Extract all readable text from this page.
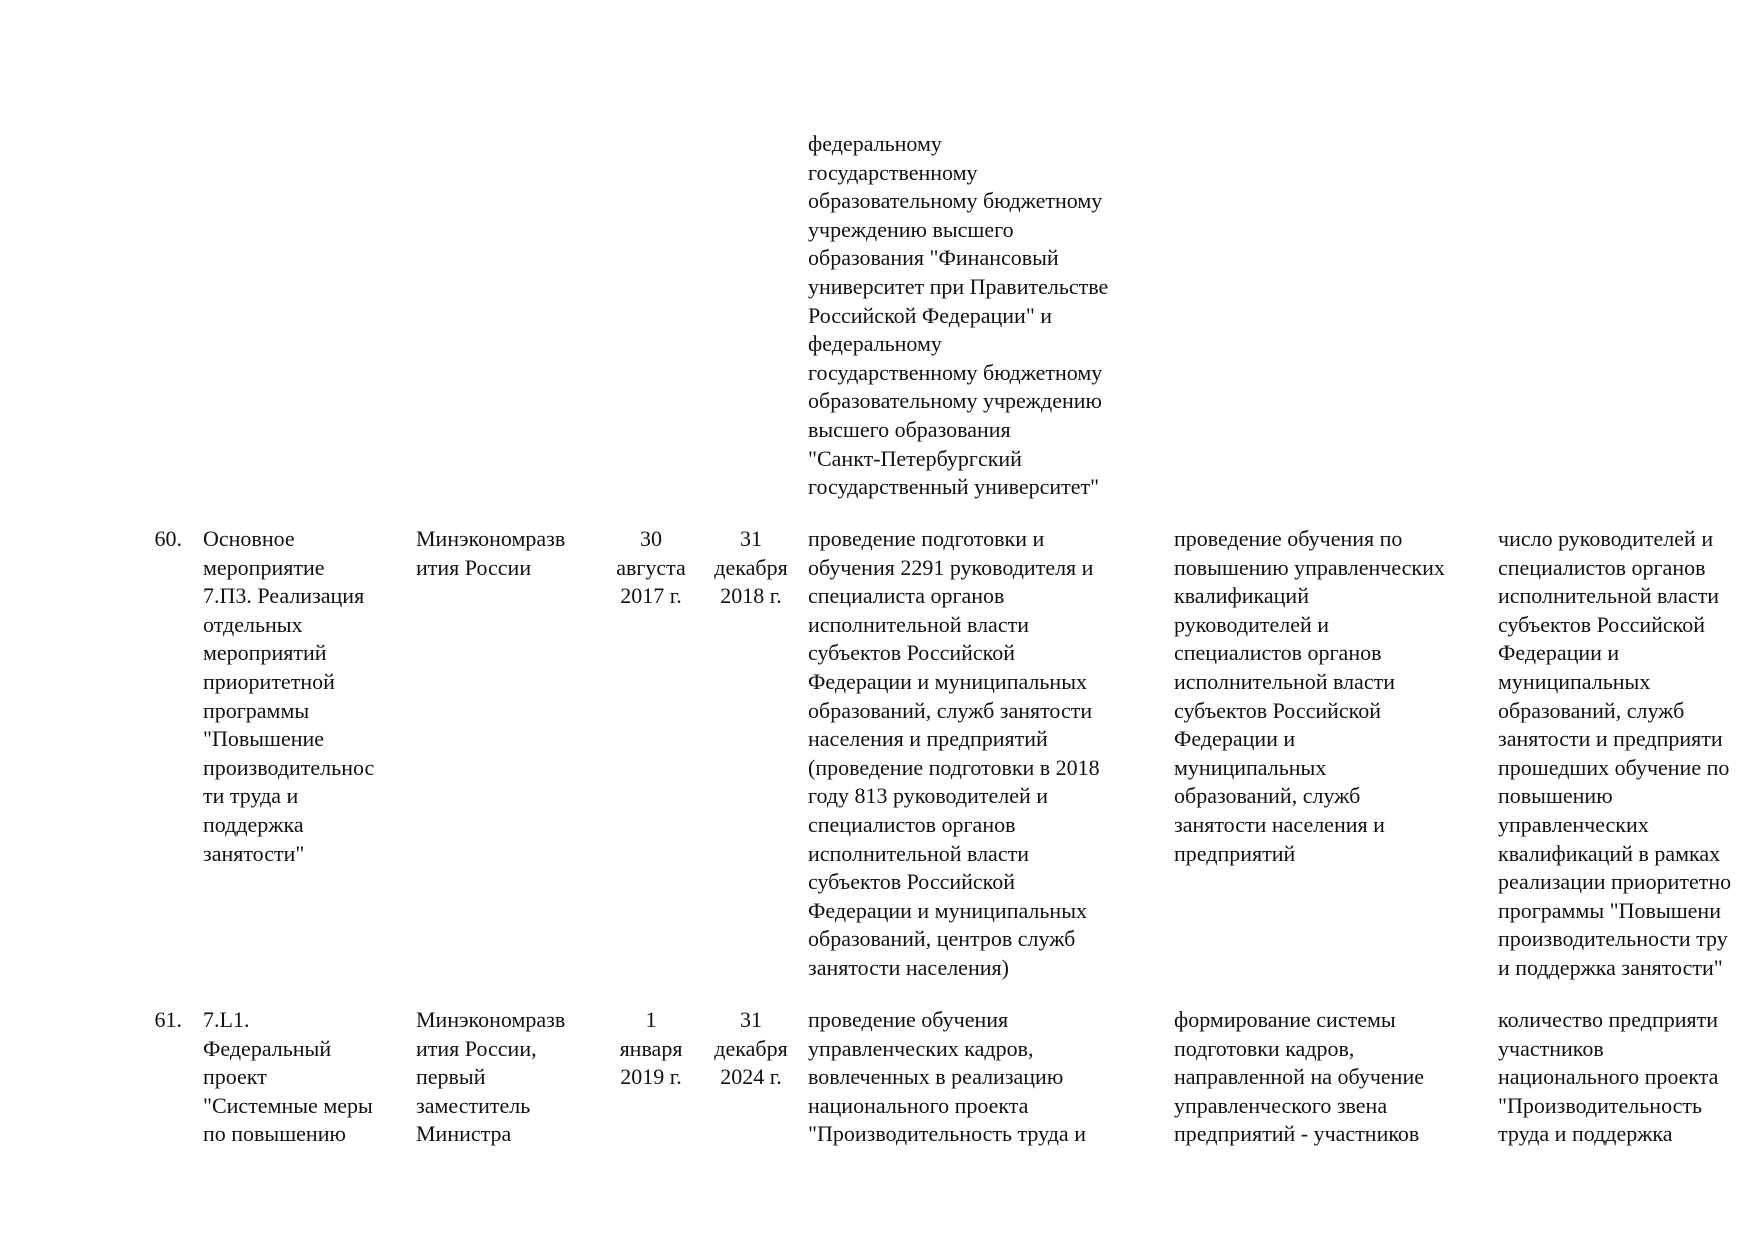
федеральному
государственному
образовательному бюджетному
учреждению высшего
образования "Финансовый
университет при Правительстве
Российской Федерации" и
федеральному
государственному бюджетному
образовательному учреждению
высшего образования
"Санкт-Петербургский
государственный университет"
60. Основное
мероприятие
7.П3. Реализация
отдельных
мероприятий
приоритетной
программы
"Повышение
производительнос
ти труда и
поддержка
занятости"
Минэкономразв
ития России
30
августа
2017 г.
31
декабря
2018 г.
проведение подготовки и
обучения 2291 руководителя и
специалиста органов
исполнительной власти
субъектов Российской
Федерации и муниципальных
образований, служб занятости
населения и предприятий
(проведение подготовки в 2018
году 813 руководителей и
специалистов органов
исполнительной власти
субъектов Российской
Федерации и муниципальных
образований, центров служб
занятости населения)
проведение обучения по
повышению управленческих
квалификаций
руководителей и
специалистов органов
исполнительной власти
субъектов Российской
Федерации и
муниципальных
образований, служб
занятости населения и
предприятий
число руководителей и
специалистов органов
исполнительной власти
субъектов Российской
Федерации и
муниципальных
образований, служб
занятости и предприяти
прошедших обучение по
повышению
управленческих
квалификаций в рамках
реализации приоритетно
программы "Повышени
производительности тру
и поддержка занятости"
61. 7.L1.
Федеральный
проект
"Системные меры
по повышению
Минэкономразв
ития России,
первый
заместитель
Министра
1
января
2019 г.
31
декабря
2024 г.
проведение обучения
управленческих кадров,
вовлеченных в реализацию
национального проекта
"Производительность труда и
формирование системы
подготовки кадров,
направленной на обучение
управленческого звена
предприятий - участников
количество предприяти
участников
национального проекта
"Производительность
труда и поддержка
